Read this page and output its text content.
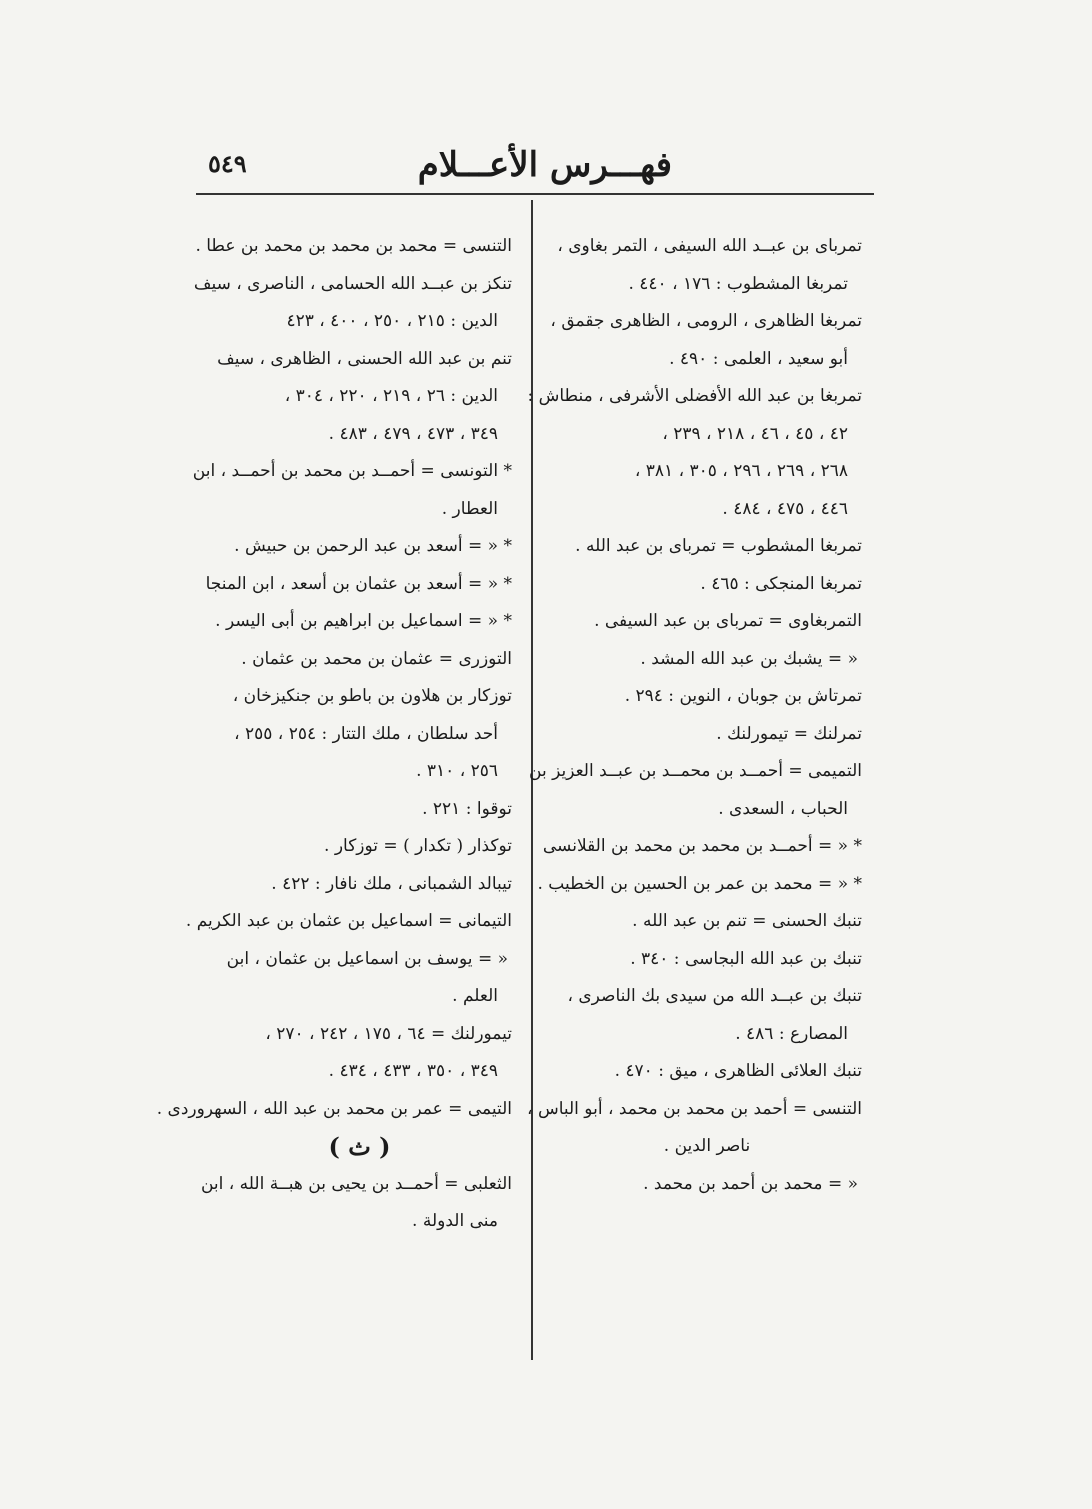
فهـــرس الأعـــلام
٥٤٩
تمرباى بن عبــد الله السيفى ، التمر بغاوى ،
تمربغا المشطوب : ١٧٦ ، ٤٤٠ .
تمربغا الظاهرى ، الرومى ، الظاهرى جقمق ،
أبو سعيد ، العلمى : ٤٩٠ .
تمربغا بن عبد الله الأفضلى الأشرفى ، منطاش :
٤٢ ، ٤٥ ، ٤٦ ، ٢١٨ ، ٢٣٩ ،
٢٦٨ ، ٢٦٩ ، ٢٩٦ ، ٣٠٥ ، ٣٨١ ،
٤٤٦ ، ٤٧٥ ، ٤٨٤ .
تمربغا المشطوب = تمرباى بن عبد الله .
تمربغا المنجكى : ٤٦٥ .
التمربغاوى = تمرباى بن عبد السيفى .
« = يشبك بن عبد الله المشد .
تمرتاش بن جوبان ، النوين : ٢٩٤ .
تمرلنك = تيمورلنك .
التميمى = أحمــد بن محمــد بن عبــد العزيز بن
الحباب ، السعدى .
* « = أحمــد بن محمد بن محمد بن القلانسى
* « = محمد بن عمر بن الحسين بن الخطيب .
تنبك الحسنى = تنم بن عبد الله .
تنبك بن عبد الله البجاسى : ٣٤٠ .
تنبك بن عبــد الله من سيدى بك الناصرى ،
المصارع : ٤٨٦ .
تنبك العلائى الظاهرى ، ميق : ٤٧٠ .
التنسى = أحمد بن محمد بن محمد ، أبو الباس ،
ناصر الدين .
« = محمد بن أحمد بن محمد .
التنسى = محمد بن محمد بن محمد بن عطا .
تنكز بن عبــد الله الحسامى ، الناصرى ، سيف
الدين : ٢١٥ ، ٢٥٠ ، ٤٠٠ ، ٤٢٣
تنم بن عبد الله الحسنى ، الظاهرى ، سيف
الدين : ٢٦ ، ٢١٩ ، ٢٢٠ ، ٣٠٤ ،
٣٤٩ ، ٤٧٣ ، ٤٧٩ ، ٤٨٣ .
* التونسى = أحمــد بن محمد بن أحمــد ، ابن
العطار .
* « = أسعد بن عبد الرحمن بن حبيش .
* « = أسعد بن عثمان بن أسعد ، ابن المنجا
* « = اسماعيل بن ابراهيم بن أبى اليسر .
التوزرى = عثمان بن محمد بن عثمان .
توزكار بن هلاون بن باطو بن جنكيزخان ،
أحد سلطان ، ملك التتار : ٢٥٤ ، ٢٥٥ ،
٢٥٦ ، ٣١٠ .
توقوا : ٢٢١ .
توكذار ( تكدار ) = توزكار .
تيبالد الشمبانى ، ملك نافار : ٤٢٢ .
التيمانى = اسماعيل بن عثمان بن عبد الكريم .
« = يوسف بن اسماعيل بن عثمان ، ابن
العلم .
تيمورلنك = ٦٤ ، ١٧٥ ، ٢٤٢ ، ٢٧٠ ،
٣٤٩ ، ٣٥٠ ، ٤٣٣ ، ٤٣٤ .
التيمى = عمر بن محمد بن عبد الله ، السهروردى .
( ث )
الثعلبى = أحمــد بن يحيى بن هبــة الله ، ابن
منى الدولة .
